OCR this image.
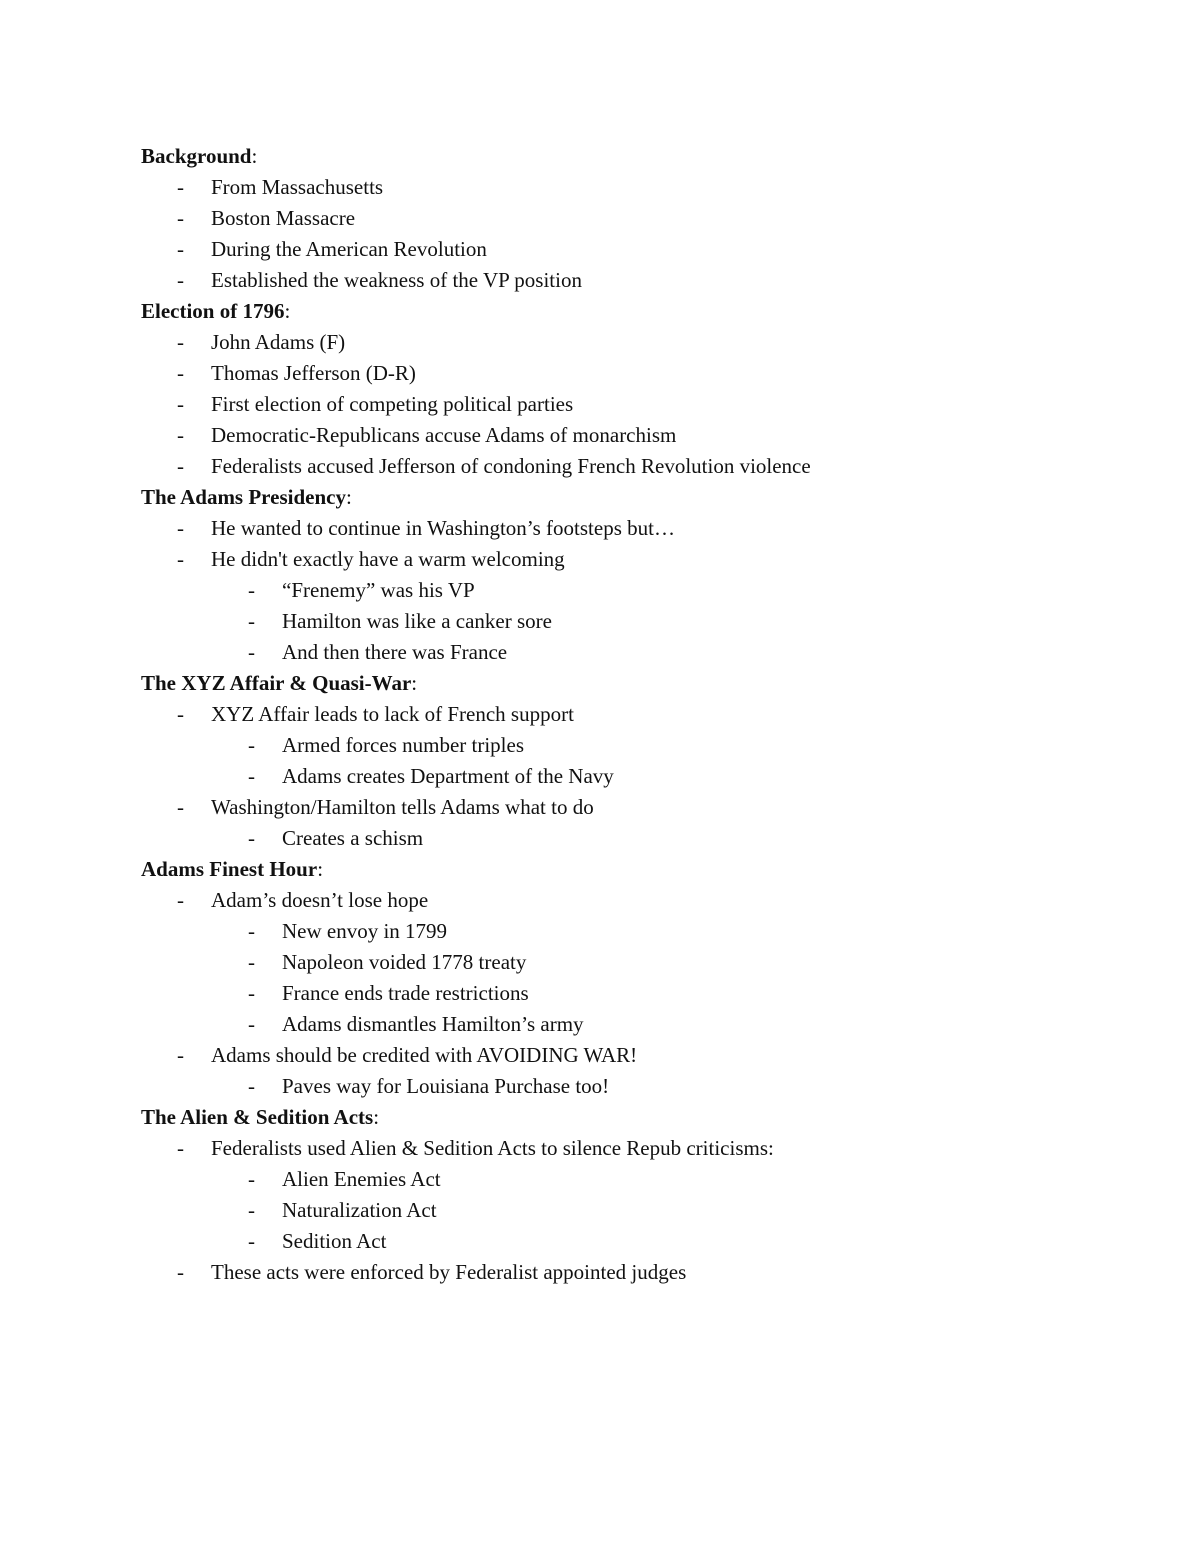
Background:
- From Massachusetts
- Boston Massacre
- During the American Revolution
- Established the weakness of the VP position
Election of 1796:
- John Adams (F)
- Thomas Jefferson (D-R)
- First election of competing political parties
- Democratic-Republicans accuse Adams of monarchism
- Federalists accused Jefferson of condoning French Revolution violence
The Adams Presidency:
- He wanted to continue in Washington’s footsteps but…
- He didn't exactly have a warm welcoming
- “Frenemy” was his VP
- Hamilton was like a canker sore
- And then there was France
The XYZ Affair & Quasi-War:
- XYZ Affair leads to lack of French support
- Armed forces number triples
- Adams creates Department of the Navy
- Washington/Hamilton tells Adams what to do
- Creates a schism
Adams Finest Hour:
- Adam’s doesn’t lose hope
- New envoy in 1799
- Napoleon voided 1778 treaty
- France ends trade restrictions
- Adams dismantles Hamilton’s army
- Adams should be credited with AVOIDING WAR!
- Paves way for Louisiana Purchase too!
The Alien & Sedition Acts:
- Federalists used Alien & Sedition Acts to silence Repub criticisms:
- Alien Enemies Act
- Naturalization Act
- Sedition Act
- These acts were enforced by Federalist appointed judges
